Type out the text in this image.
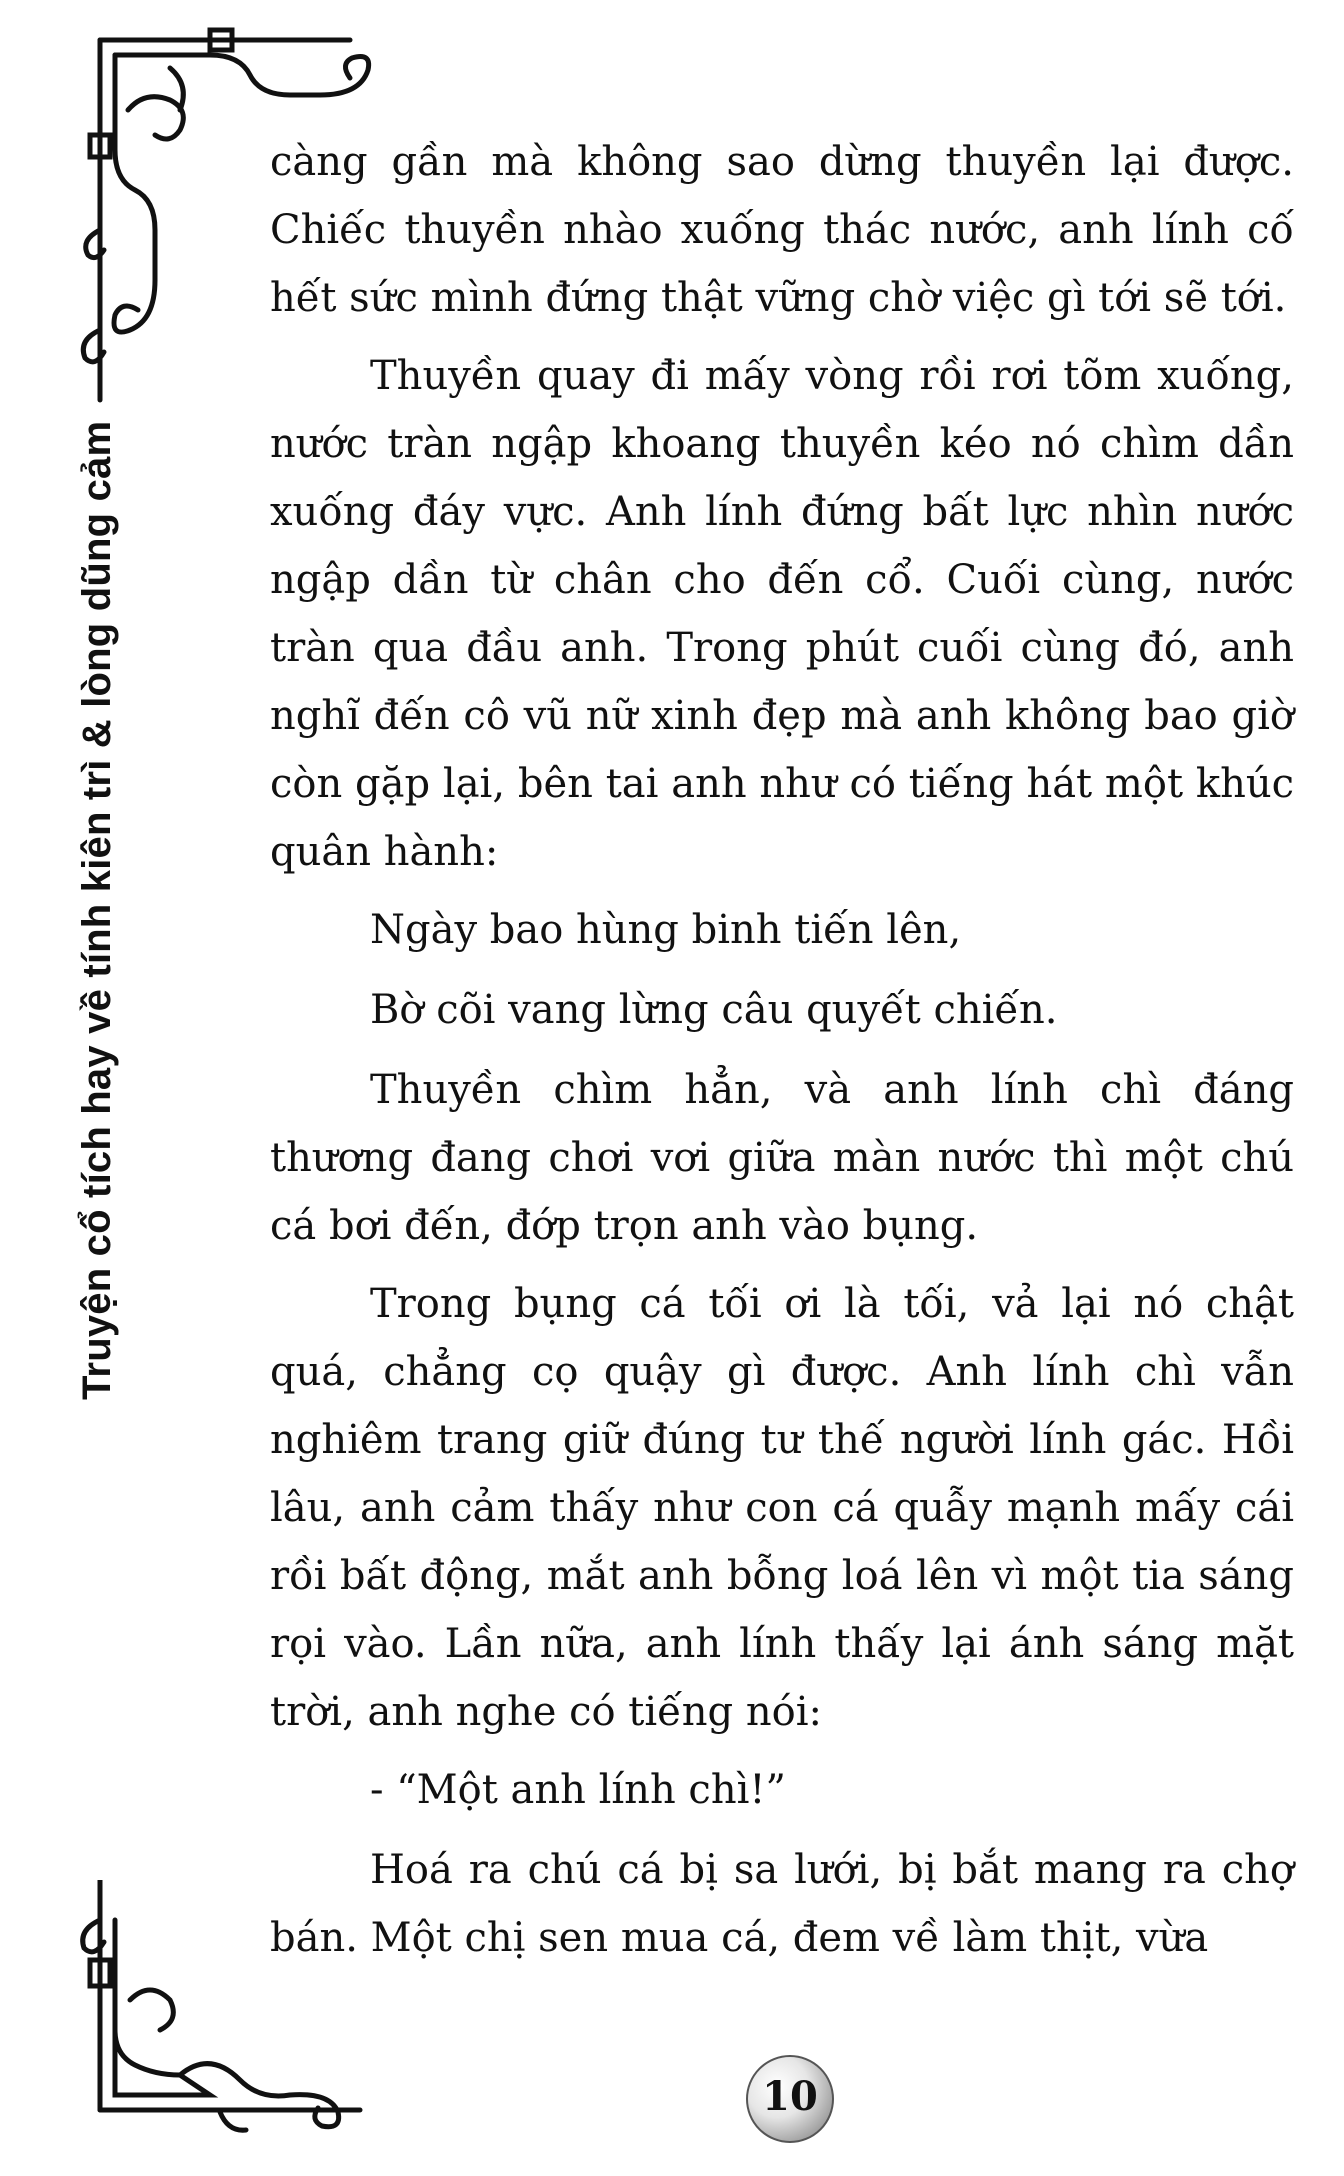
Truyện cổ tích hay về tính kiên trì & lòng dũng cảm

càng gần mà không sao dừng thuyền lại được. Chiếc thuyền nhào xuống thác nước, anh lính cố hết sức mình đứng thật vững chờ việc gì tới sẽ tới.

Thuyền quay đi mấy vòng rồi rơi tõm xuống, nước tràn ngập khoang thuyền kéo nó chìm dần xuống đáy vực. Anh lính đứng bất lực nhìn nước ngập dần từ chân cho đến cổ. Cuối cùng, nước tràn qua đầu anh. Trong phút cuối cùng đó, anh nghĩ đến cô vũ nữ xinh đẹp mà anh không bao giờ còn gặp lại, bên tai anh như có tiếng hát một khúc quân hành:

Ngày bao hùng binh tiến lên,

Bờ cõi vang lừng câu quyết chiến.

Thuyền chìm hẳn, và anh lính chì đáng thương đang chơi vơi giữa màn nước thì một chú cá bơi đến, đớp trọn anh vào bụng.

Trong bụng cá tối ơi là tối, vả lại nó chật quá, chẳng cọ quậy gì được. Anh lính chì vẫn nghiêm trang giữ đúng tư thế người lính gác. Hồi lâu, anh cảm thấy như con cá quẫy mạnh mấy cái rồi bất động, mắt anh bỗng loá lên vì một tia sáng rọi vào. Lần nữa, anh lính thấy lại ánh sáng mặt trời, anh nghe có tiếng nói:

- “Một anh lính chì!”

Hoá ra chú cá bị sa lưới, bị bắt mang ra chợ bán. Một chị sen mua cá, đem về làm thịt, vừa

10
